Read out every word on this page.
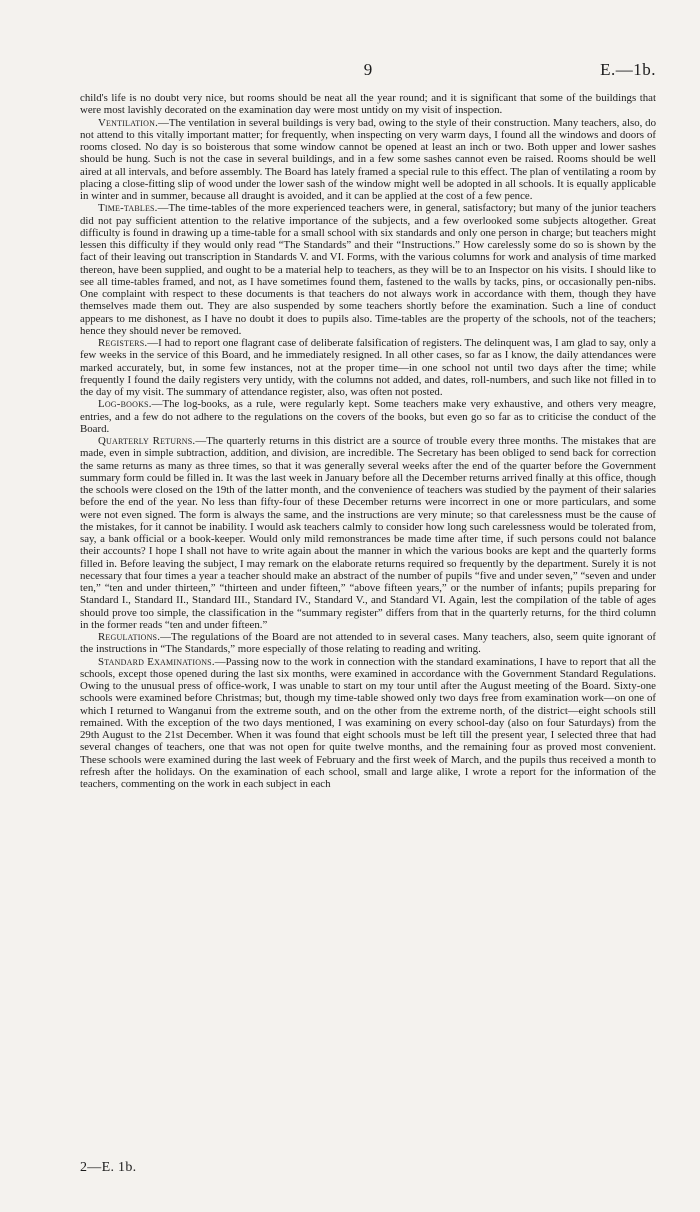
9	E.—1b.

child's life is no doubt very nice, but rooms should be neat all the year round; and it is significant that some of the buildings that were most lavishly decorated on the examination day were most untidy on my visit of inspection.

Ventilation.—The ventilation in several buildings is very bad, owing to the style of their construction. Many teachers, also, do not attend to this vitally important matter; for frequently, when inspecting on very warm days, I found all the windows and doors of rooms closed. No day is so boisterous that some window cannot be opened at least an inch or two. Both upper and lower sashes should be hung. Such is not the case in several buildings, and in a few some sashes cannot even be raised. Rooms should be well aired at all intervals, and before assembly. The Board has lately framed a special rule to this effect. The plan of ventilating a room by placing a close-fitting slip of wood under the lower sash of the window might well be adopted in all schools. It is equally applicable in winter and in summer, because all draught is avoided, and it can be applied at the cost of a few pence.

Time-tables.—The time-tables of the more experienced teachers were, in general, satisfactory; but many of the junior teachers did not pay sufficient attention to the relative importance of the subjects, and a few overlooked some subjects altogether. Great difficulty is found in drawing up a time-table for a small school with six standards and only one person in charge; but teachers might lessen this difficulty if they would only read “The Standards” and their “Instructions.” How carelessly some do so is shown by the fact of their leaving out transcription in Standards V. and VI. Forms, with the various columns for work and analysis of time marked thereon, have been supplied, and ought to be a material help to teachers, as they will be to an Inspector on his visits. I should like to see all time-tables framed, and not, as I have sometimes found them, fastened to the walls by tacks, pins, or occasionally pen-nibs. One complaint with respect to these documents is that teachers do not always work in accordance with them, though they have themselves made them out. They are also suspended by some teachers shortly before the examination. Such a line of conduct appears to me dishonest, as I have no doubt it does to pupils also. Time-tables are the property of the schools, not of the teachers; hence they should never be removed.

Registers.—I had to report one flagrant case of deliberate falsification of registers. The delinquent was, I am glad to say, only a few weeks in the service of this Board, and he immediately resigned. In all other cases, so far as I know, the daily attendances were marked accurately, but, in some few instances, not at the proper time—in one school not until two days after the time; while frequently I found the daily registers very untidy, with the columns not added, and dates, roll-numbers, and such like not filled in to the day of my visit. The summary of attendance register, also, was often not posted.

Log-books.—The log-books, as a rule, were regularly kept. Some teachers make very exhaustive, and others very meagre, entries, and a few do not adhere to the regulations on the covers of the books, but even go so far as to criticise the conduct of the Board.

Quarterly Returns.—The quarterly returns in this district are a source of trouble every three months. The mistakes that are made, even in simple subtraction, addition, and division, are incredible. The Secretary has been obliged to send back for correction the same returns as many as three times, so that it was generally several weeks after the end of the quarter before the Government summary form could be filled in. It was the last week in January before all the December returns arrived finally at this office, though the schools were closed on the 19th of the latter month, and the convenience of teachers was studied by the payment of their salaries before the end of the year. No less than fifty-four of these December returns were incorrect in one or more particulars, and some were not even signed. The form is always the same, and the instructions are very minute; so that carelessness must be the cause of the mistakes, for it cannot be inability. I would ask teachers calmly to consider how long such carelessness would be tolerated from, say, a bank official or a book-keeper. Would only mild remonstrances be made time after time, if such persons could not balance their accounts? I hope I shall not have to write again about the manner in which the various books are kept and the quarterly forms filled in. Before leaving the subject, I may remark on the elaborate returns required so frequently by the department. Surely it is not necessary that four times a year a teacher should make an abstract of the number of pupils “five and under seven,” “seven and under ten,” “ten and under thirteen,” “thirteen and under fifteen,” “above fifteen years,” or the number of infants; pupils preparing for Standard I., Standard II., Standard III., Standard IV., Standard V., and Standard VI. Again, lest the compilation of the table of ages should prove too simple, the classification in the “summary register” differs from that in the quarterly returns, for the third column in the former reads “ten and under fifteen.”

Regulations.—The regulations of the Board are not attended to in several cases. Many teachers, also, seem quite ignorant of the instructions in “The Standards,” more especially of those relating to reading and writing.

Standard Examinations.—Passing now to the work in connection with the standard examinations, I have to report that all the schools, except those opened during the last six months, were examined in accordance with the Government Standard Regulations. Owing to the unusual press of office-work, I was unable to start on my tour until after the August meeting of the Board. Sixty-one schools were examined before Christmas; but, though my time-table showed only two days free from examination work—on one of which I returned to Wanganui from the extreme south, and on the other from the extreme north, of the district—eight schools still remained. With the exception of the two days mentioned, I was examining on every school-day (also on four Saturdays) from the 29th August to the 21st December. When it was found that eight schools must be left till the present year, I selected three that had several changes of teachers, one that was not open for quite twelve months, and the remaining four as proved most convenient. These schools were examined during the last week of February and the first week of March, and the pupils thus received a month to refresh after the holidays. On the examination of each school, small and large alike, I wrote a report for the information of the teachers, commenting on the work in each subject in each

2—E. 1b.
